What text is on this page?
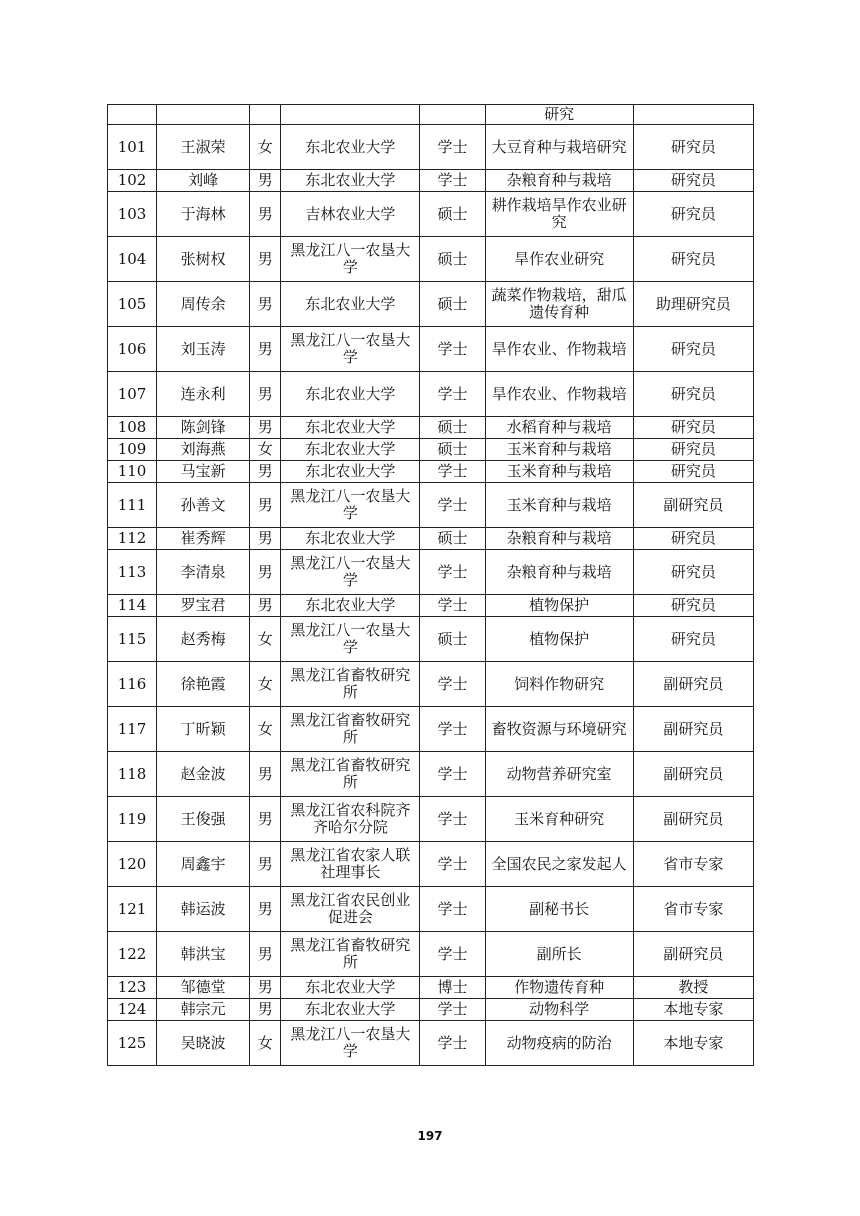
					研究	
101	王淑荣	女	东北农业大学	学士	大豆育种与栽培研究	研究员
102	刘峰	男	东北农业大学	学士	杂粮育种与栽培	研究员
103	于海林	男	吉林农业大学	硕士	耕作栽培旱作农业研究	研究员
104	张树权	男	黑龙江八一农垦大学	硕士	旱作农业研究	研究员
105	周传余	男	东北农业大学	硕士	蔬菜作物栽培，甜瓜遗传育种	助理研究员
106	刘玉涛	男	黑龙江八一农垦大学	学士	旱作农业、作物栽培	研究员
107	连永利	男	东北农业大学	学士	旱作农业、作物栽培	研究员
108	陈剑锋	男	东北农业大学	硕士	水稻育种与栽培	研究员
109	刘海燕	女	东北农业大学	硕士	玉米育种与栽培	研究员
110	马宝新	男	东北农业大学	学士	玉米育种与栽培	研究员
111	孙善文	男	黑龙江八一农垦大学	学士	玉米育种与栽培	副研究员
112	崔秀辉	男	东北农业大学	硕士	杂粮育种与栽培	研究员
113	李清泉	男	黑龙江八一农垦大学	学士	杂粮育种与栽培	研究员
114	罗宝君	男	东北农业大学	学士	植物保护	研究员
115	赵秀梅	女	黑龙江八一农垦大学	硕士	植物保护	研究员
116	徐艳霞	女	黑龙江省畜牧研究所	学士	饲料作物研究	副研究员
117	丁昕颖	女	黑龙江省畜牧研究所	学士	畜牧资源与环境研究	副研究员
118	赵金波	男	黑龙江省畜牧研究所	学士	动物营养研究室	副研究员
119	王俊强	男	黑龙江省农科院齐齐哈尔分院	学士	玉米育种研究	副研究员
120	周鑫宇	男	黑龙江省农家人联社理事长	学士	全国农民之家发起人	省市专家
121	韩运波	男	黑龙江省农民创业促进会	学士	副秘书长	省市专家
122	韩洪宝	男	黑龙江省畜牧研究所	学士	副所长	副研究员
123	邹德堂	男	东北农业大学	博士	作物遗传育种	教授
124	韩宗元	男	东北农业大学	学士	动物科学	本地专家
125	吴晓波	女	黑龙江八一农垦大学	学士	动物疫病的防治	本地专家
197
